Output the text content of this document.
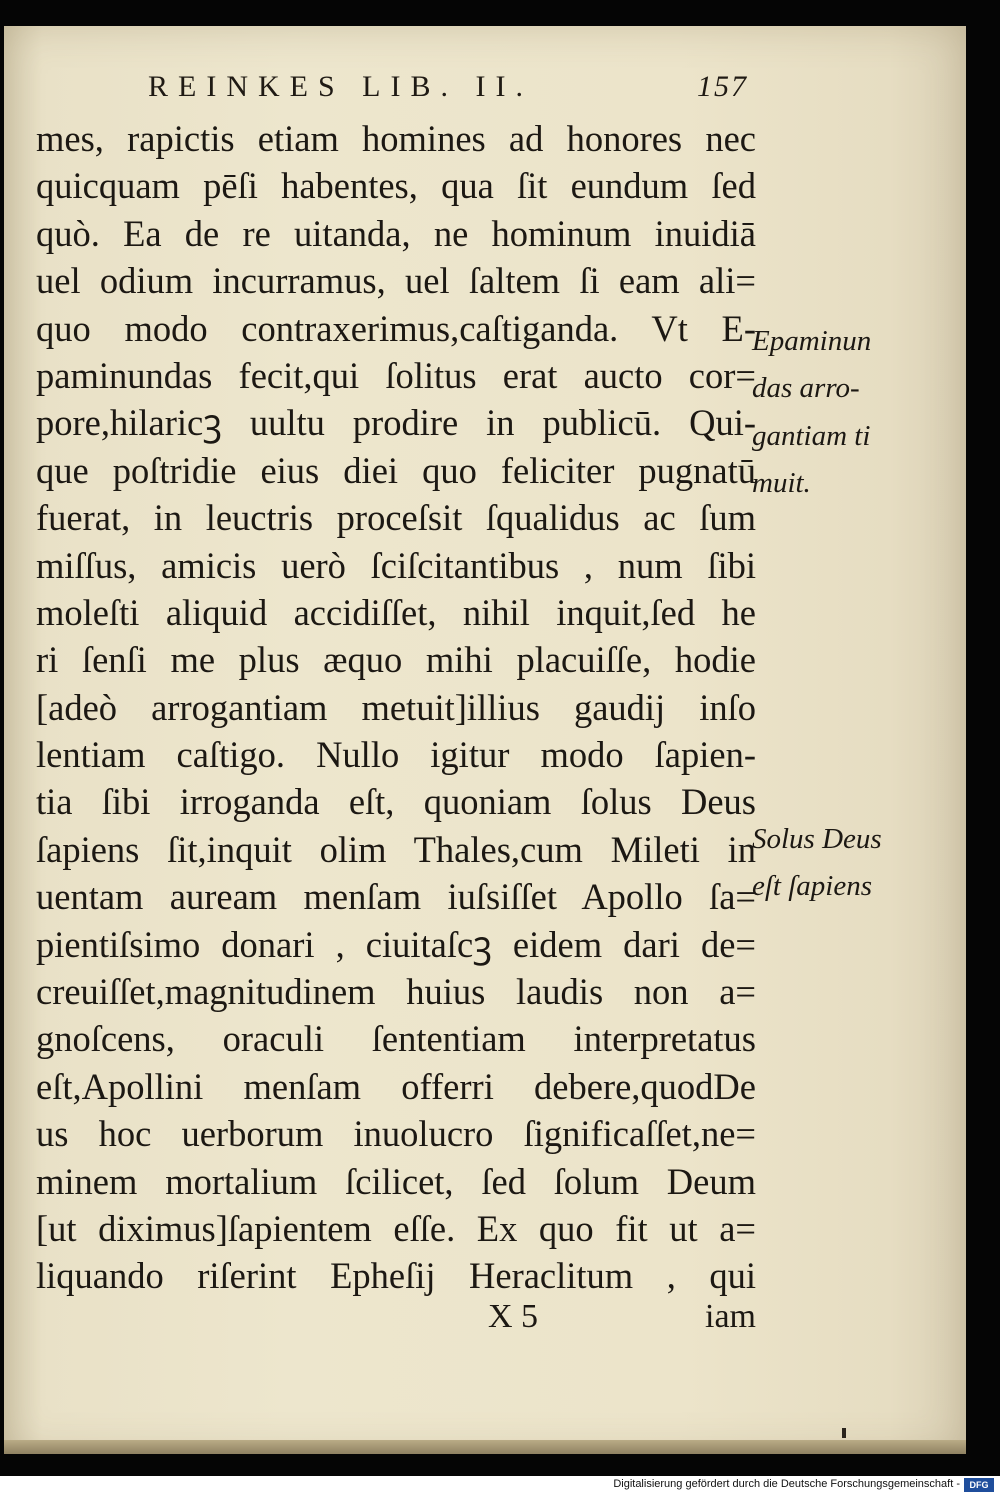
REINKES LIB. II.	157
mes, rapictis etiam homines ad honores nec
quicquam pēſi habentes, qua ſit eundum ſed
quò. Ea de re uitanda, ne hominum inuidiā
uel odium incurramus, uel ſaltem ſi eam ali=
quo modo contraxerimus,caſtiganda. Vt E-
paminundas fecit,qui ſolitus erat aucto cor=
pore,hilaricꝫ uultu prodire in publicū. Qui-
que poſtridie eius diei quo feliciter pugnatū
fuerat, in leuctris proceſsit ſqualidus ac ſum
miſſus, amicis uerò ſciſcitantibus , num ſibi
moleſti aliquid accidiſſet, nihil inquit,ſed he
ri ſenſi me plus æquo mihi placuiſſe, hodie
[adeò arrogantiam metuit]illius gaudij inſo
lentiam caſtigo. Nullo igitur modo ſapien-
tia ſibi irroganda eſt, quoniam ſolus Deus
ſapiens ſit,inquit olim Thales,cum Mileti in
uentam auream menſam iuſsiſſet Apollo ſa=
pientiſsimo donari , ciuitaſcꝫ eidem dari de=
creuiſſet,magnitudinem huius laudis non a=
gnoſcens, oraculi ſententiam interpretatus
eſt,Apollini menſam offerri debere,quodDe
us hoc uerborum inuolucro ſignificaſſet,ne=
minem mortalium ſcilicet, ſed ſolum Deum
[ut diximus]ſapientem eſſe. Ex quo fit ut a=
liquando riſerint Epheſij Heraclitum , qui
Epaminun
das arro-
gantiam ti
muit.
Solus Deus
eſt ſapiens
X 5	iam
Digitalisierung gefördert durch die Deutsche Forschungsgemeinschaft -	DFG
